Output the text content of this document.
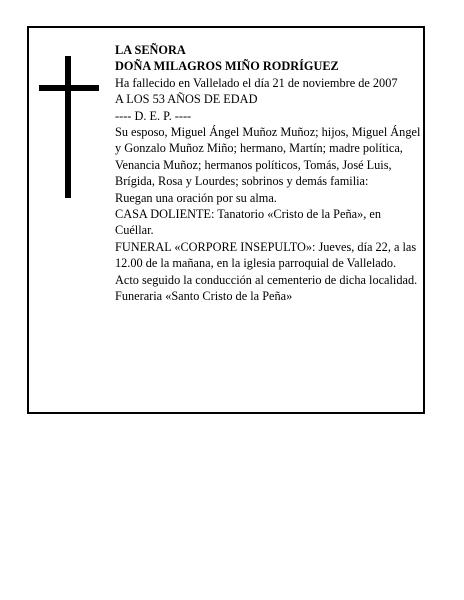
LA SEÑORA
DOÑA MILAGROS MIÑO RODRÍGUEZ
Ha fallecido en Vallelado el día 21 de noviembre de 2007
A LOS 53 AÑOS DE EDAD
---- D. E. P. ----
Su esposo, Miguel Ángel Muñoz Muñoz; hijos, Miguel Ángel y Gonzalo Muñoz Miño; hermano, Martín; madre política, Venancia Muñoz; hermanos políticos, Tomás, José Luis, Brígida, Rosa y Lourdes; sobrinos y demás familia:
Ruegan una oración por su alma.
CASA DOLIENTE: Tanatorio «Cristo de la Peña», en Cuéllar.
FUNERAL «CORPORE INSEPULTO»: Jueves, día 22, a las 12.00 de la mañana, en la iglesia parroquial de Vallelado. Acto seguido la conducción al cementerio de dicha localidad.
Funeraria «Santo Cristo de la Peña»
